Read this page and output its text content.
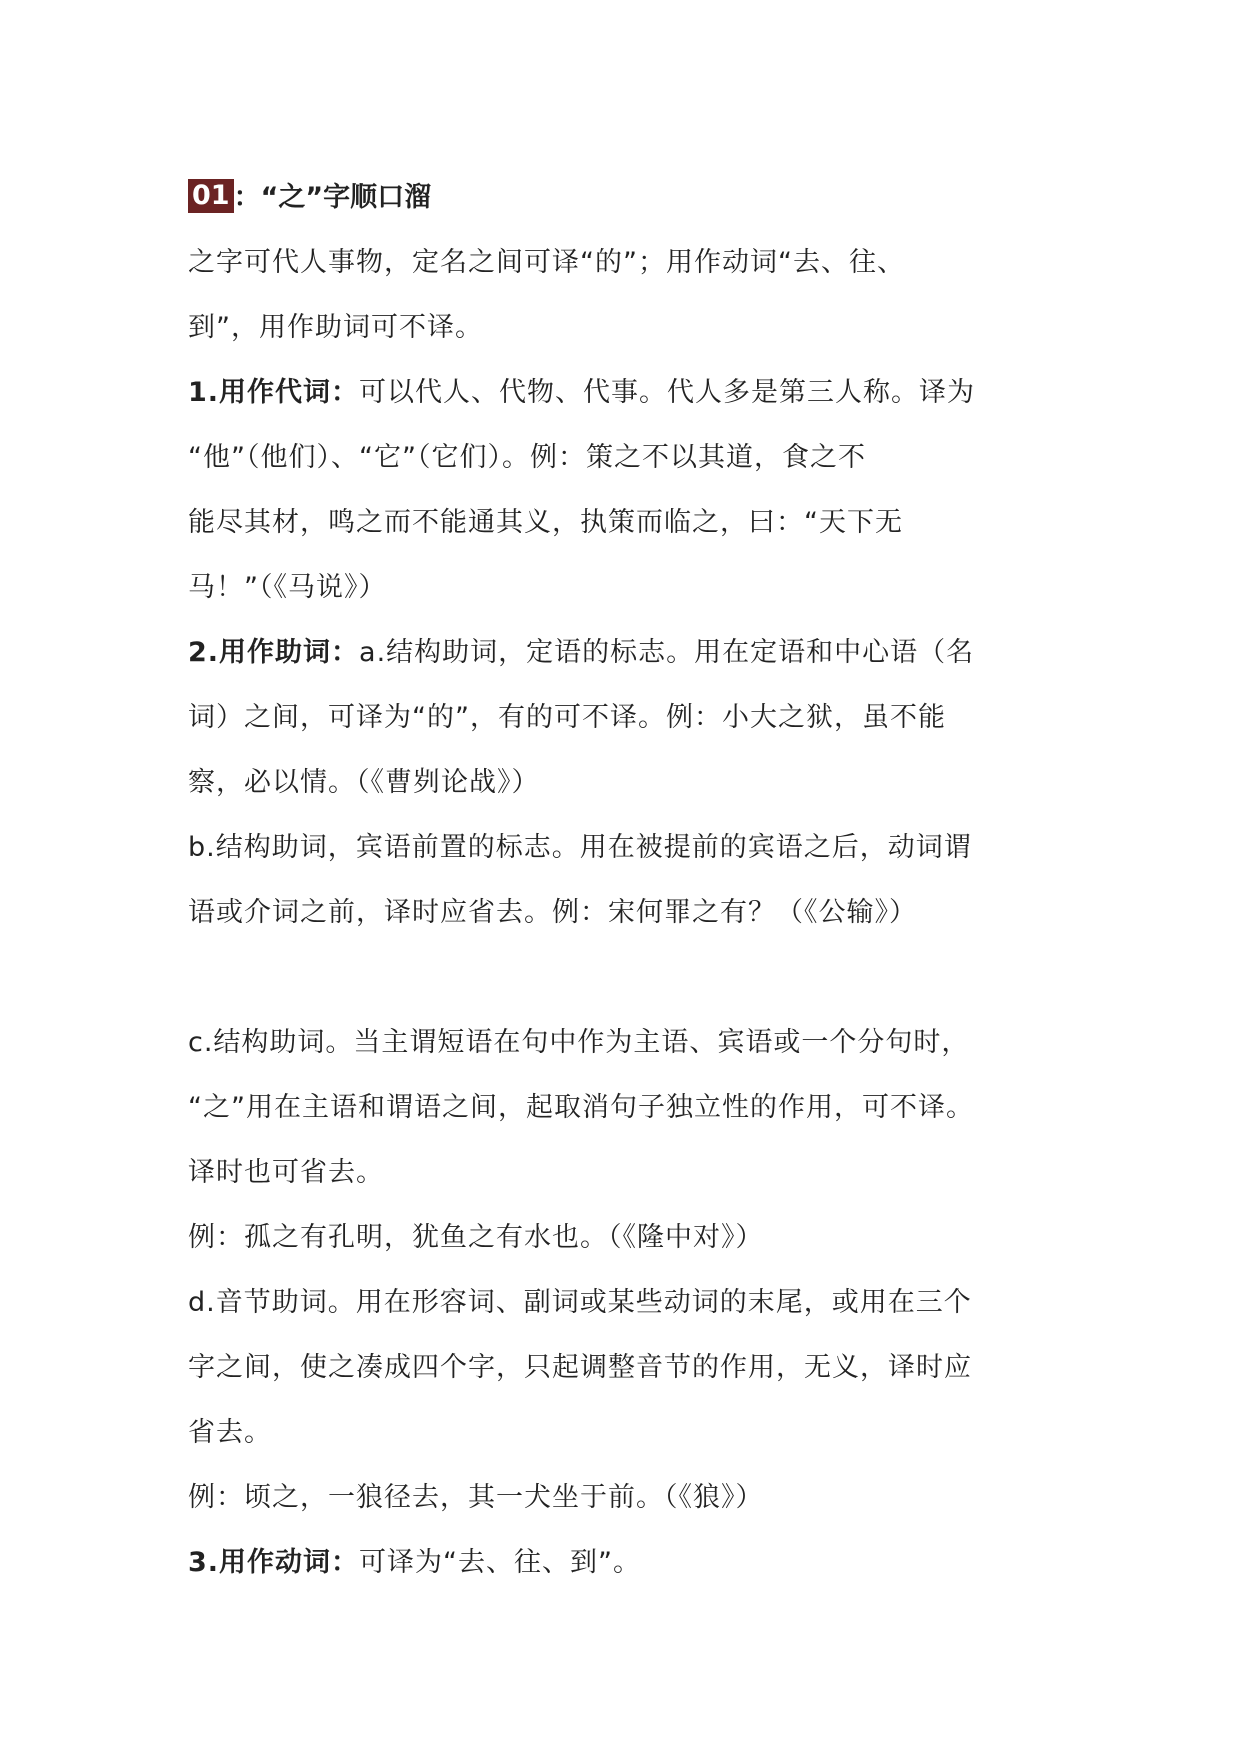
01 ：“之”字顺口溜
之字可代人事物，定名之间可译“的”；用作动词“去、往、
到”，用作助词可不译。
1.用作代词：可以代人、代物、代事。代人多是第三人称。译为
“他”（他们）、“它”（它们）。例：策之不以其道，食之不
能尽其材，鸣之而不能通其义，执策而临之，曰：“天下无
马！”（《马说》）
2.用作助词：a.结构助词，定语的标志。用在定语和中心语（名
词）之间，可译为“的”，有的可不译。例：小大之狱，虽不能
察，必以情。（《曹刿论战》）
b.结构助词，宾语前置的标志。用在被提前的宾语之后，动词谓
语或介词之前，译时应省去。例：宋何罪之有？（《公输》）
c.结构助词。当主谓短语在句中作为主语、宾语或一个分句时，
“之”用在主语和谓语之间，起取消句子独立性的作用，可不译。
译时也可省去。
例：孤之有孔明，犹鱼之有水也。（《隆中对》）
d.音节助词。用在形容词、副词或某些动词的末尾，或用在三个
字之间，使之凑成四个字，只起调整音节的作用，无义，译时应
省去。
例：顷之，一狼径去，其一犬坐于前。（《狼》）
3.用作动词：可译为“去、往、到”。
